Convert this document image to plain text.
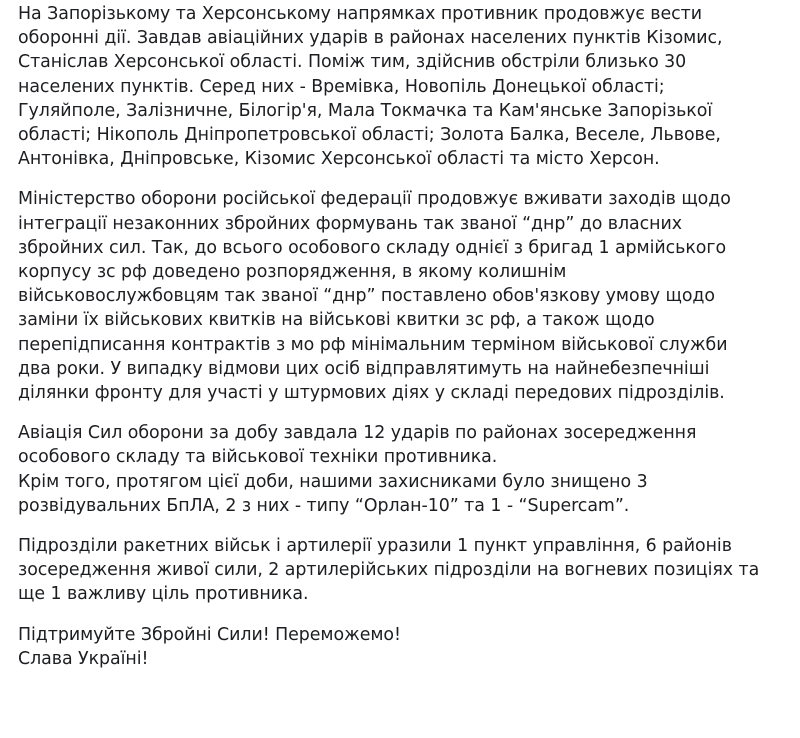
На Запорізькому та Херсонському напрямках противник продовжує вести
оборонні дії. Завдав авіаційних ударів в районах населених пунктів Кізомис,
Станіслав Херсонської області. Поміж тим, здійснив обстріли близько 30
населених пунктів. Серед них - Времівка, Новопіль Донецької області;
Гуляйполе, Залізничне, Білогір'я, Мала Токмачка та Кам'янське Запорізької
області; Нікополь Дніпропетровської області; Золота Балка, Веселе, Львове,
Антонівка, Дніпровське, Кізомис Херсонської області та місто Херсон.

Міністерство оборони російської федерації продовжує вживати заходів щодо
інтеграції незаконних збройних формувань так званої “днр” до власних
збройних сил. Так, до всього особового складу однієї з бригад 1 армійського
корпусу зс рф доведено розпорядження, в якому колишнім
військовослужбовцям так званої “днр” поставлено обов'язкову умову щодо
заміни їх військових квитків на військові квитки зс рф, а також щодо
перепідписання контрактів з мо рф мінімальним терміном військової служби
два роки. У випадку відмови цих осіб відправлятимуть на найнебезпечніші
ділянки фронту для участі у штурмових діях у складі передових підрозділів.

Авіація Сил оборони за добу завдала 12 ударів по районах зосередження
особового складу та військової техніки противника.
Крім того, протягом цієї доби, нашими захисниками було знищено 3
розвідувальних БпЛА, 2 з них - типу “Орлан-10” та 1 - “Supercam”.

Підрозділи ракетних військ і артилерії уразили 1 пункт управління, 6 районів
зосередження живої сили, 2 артилерійських підрозділи на вогневих позиціях та
ще 1 важливу ціль противника.

Підтримуйте Збройні Сили! Переможемо!
Слава Україні!
